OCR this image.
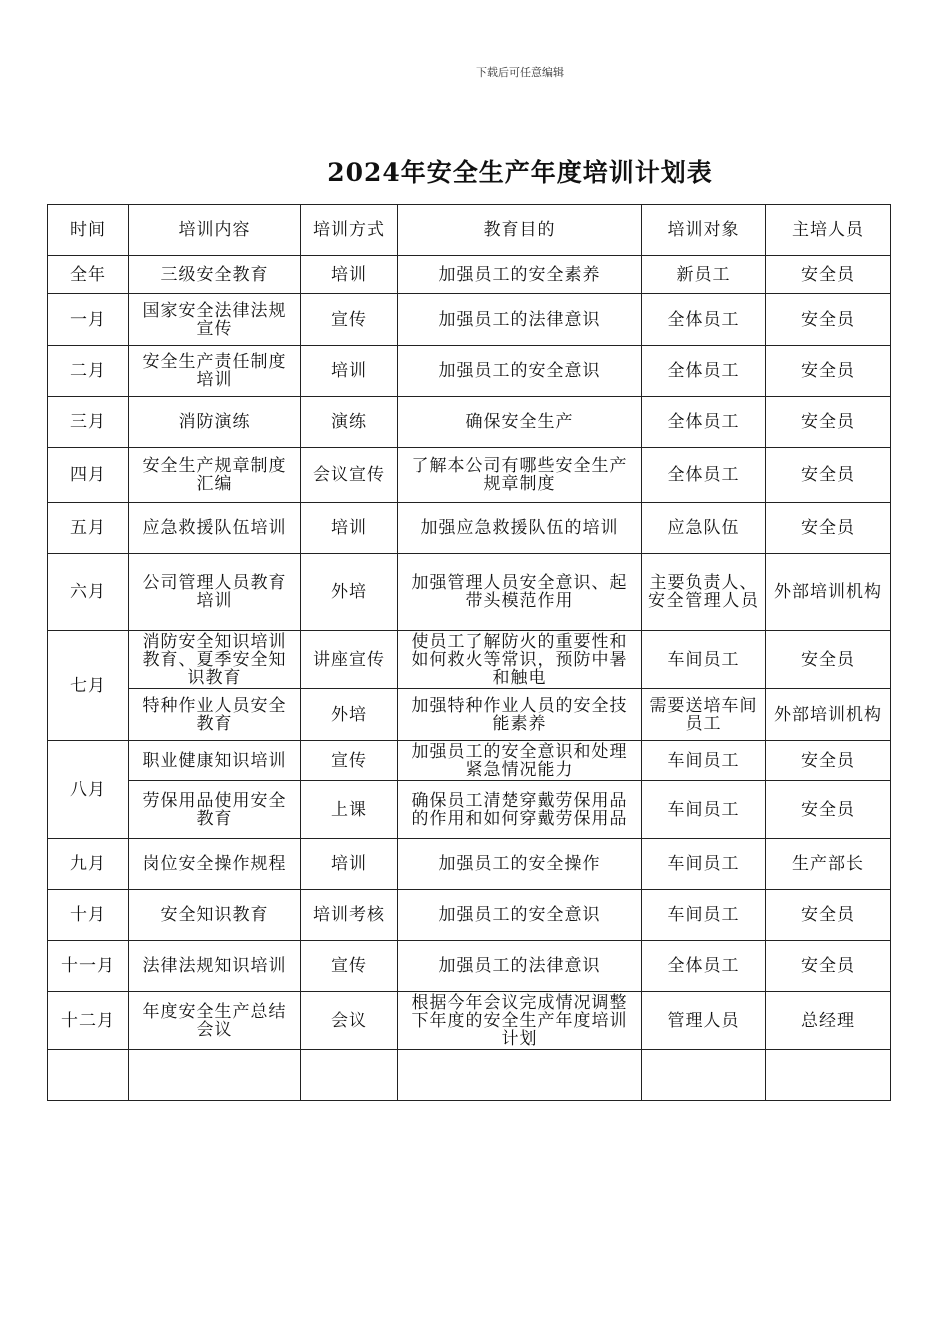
下载后可任意编辑
2024年安全生产年度培训计划表
时间	培训内容	培训方式	教育目的	培训对象	主培人员
全年	三级安全教育	培训	加强员工的安全素养	新员工	安全员
一月	国家安全法律法规宣传	宣传	加强员工的法律意识	全体员工	安全员
二月	安全生产责任制度培训	培训	加强员工的安全意识	全体员工	安全员
三月	消防演练	演练	确保安全生产	全体员工	安全员
四月	安全生产规章制度汇编	会议宣传	了解本公司有哪些安全生产规章制度	全体员工	安全员
五月	应急救援队伍培训	培训	加强应急救援队伍的培训	应急队伍	安全员
六月	公司管理人员教育培训	外培	加强管理人员安全意识、起带头模范作用	主要负责人、安全管理人员	外部培训机构
七月	消防安全知识培训教育、夏季安全知识教育	讲座宣传	使员工了解防火的重要性和如何救火等常识，预防中暑和触电	车间员工	安全员
	特种作业人员安全教育	外培	加强特种作业人员的安全技能素养	需要送培车间员工	外部培训机构
八月	职业健康知识培训	宣传	加强员工的安全意识和处理紧急情况能力	车间员工	安全员
	劳保用品使用安全教育	上课	确保员工清楚穿戴劳保用品的作用和如何穿戴劳保用品	车间员工	安全员
九月	岗位安全操作规程	培训	加强员工的安全操作	车间员工	生产部长
十月	安全知识教育	培训考核	加强员工的安全意识	车间员工	安全员
十一月	法律法规知识培训	宣传	加强员工的法律意识	全体员工	安全员
十二月	年度安全生产总结会议	会议	根据今年会议完成情况调整下年度的安全生产年度培训计划	管理人员	总经理
